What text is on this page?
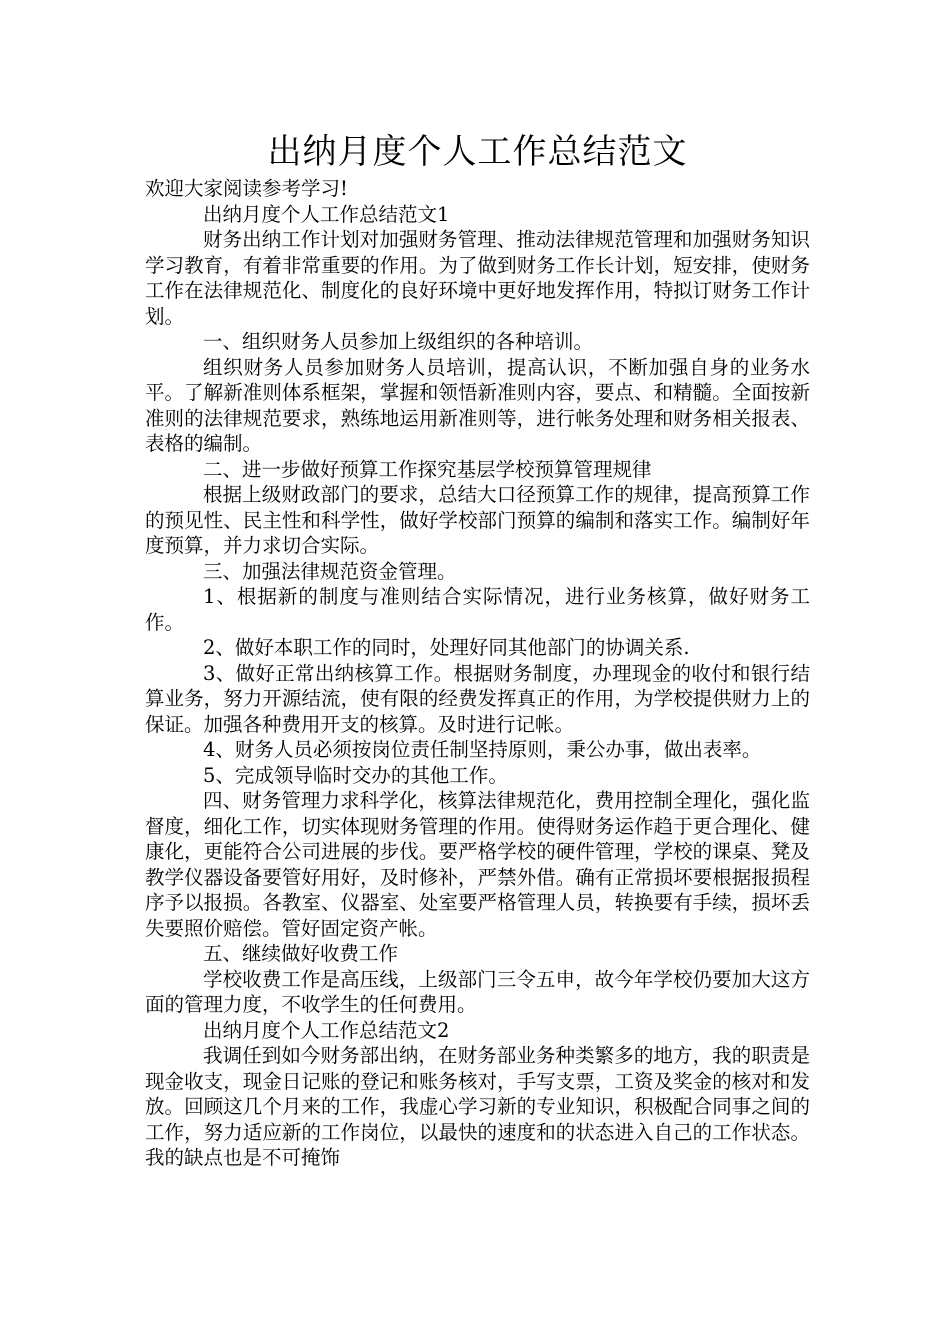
出纳月度个人工作总结范文

欢迎大家阅读参考学习!

出纳月度个人工作总结范文1

财务出纳工作计划对加强财务管理、推动法律规范管理和加强财务知识学习教育，有着非常重要的作用。为了做到财务工作长计划，短安排，使财务工作在法律规范化、制度化的良好环境中更好地发挥作用，特拟订财务工作计划。

一、组织财务人员参加上级组织的各种培训。

组织财务人员参加财务人员培训，提高认识，不断加强自身的业务水平。了解新准则体系框架，掌握和领悟新准则内容，要点、和精髓。全面按新准则的法律规范要求，熟练地运用新准则等，进行帐务处理和财务相关报表、表格的编制。

二、进一步做好预算工作探究基层学校预算管理规律

根据上级财政部门的要求，总结大口径预算工作的规律，提高预算工作的预见性、民主性和科学性，做好学校部门预算的编制和落实工作。编制好年度预算，并力求切合实际。

三、加强法律规范资金管理。

1、根据新的制度与准则结合实际情况，进行业务核算，做好财务工作。

2、做好本职工作的同时，处理好同其他部门的协调关系.

3、做好正常出纳核算工作。根据财务制度，办理现金的收付和银行结算业务，努力开源结流，使有限的经费发挥真正的作用，为学校提供财力上的保证。加强各种费用开支的核算。及时进行记帐。

4、财务人员必须按岗位责任制坚持原则，秉公办事，做出表率。

5、完成领导临时交办的其他工作。

四、财务管理力求科学化，核算法律规范化，费用控制全理化，强化监督度，细化工作，切实体现财务管理的作用。使得财务运作趋于更合理化、健康化，更能符合公司进展的步伐。要严格学校的硬件管理，学校的课桌、凳及教学仪器设备要管好用好，及时修补，严禁外借。确有正常损坏要根据报损程序予以报损。各教室、仪器室、处室要严格管理人员，转换要有手续，损坏丢失要照价赔偿。管好固定资产帐。

五、继续做好收费工作

学校收费工作是高压线，上级部门三令五申，故今年学校仍要加大这方面的管理力度，不收学生的任何费用。

出纳月度个人工作总结范文2

我调任到如今财务部出纳，在财务部业务种类繁多的地方，我的职责是现金收支，现金日记账的登记和账务核对，手写支票，工资及奖金的核对和发放。回顾这几个月来的工作，我虚心学习新的专业知识，积极配合同事之间的工作，努力适应新的工作岗位，以最快的速度和的状态进入自己的工作状态。我的缺点也是不可掩饰
